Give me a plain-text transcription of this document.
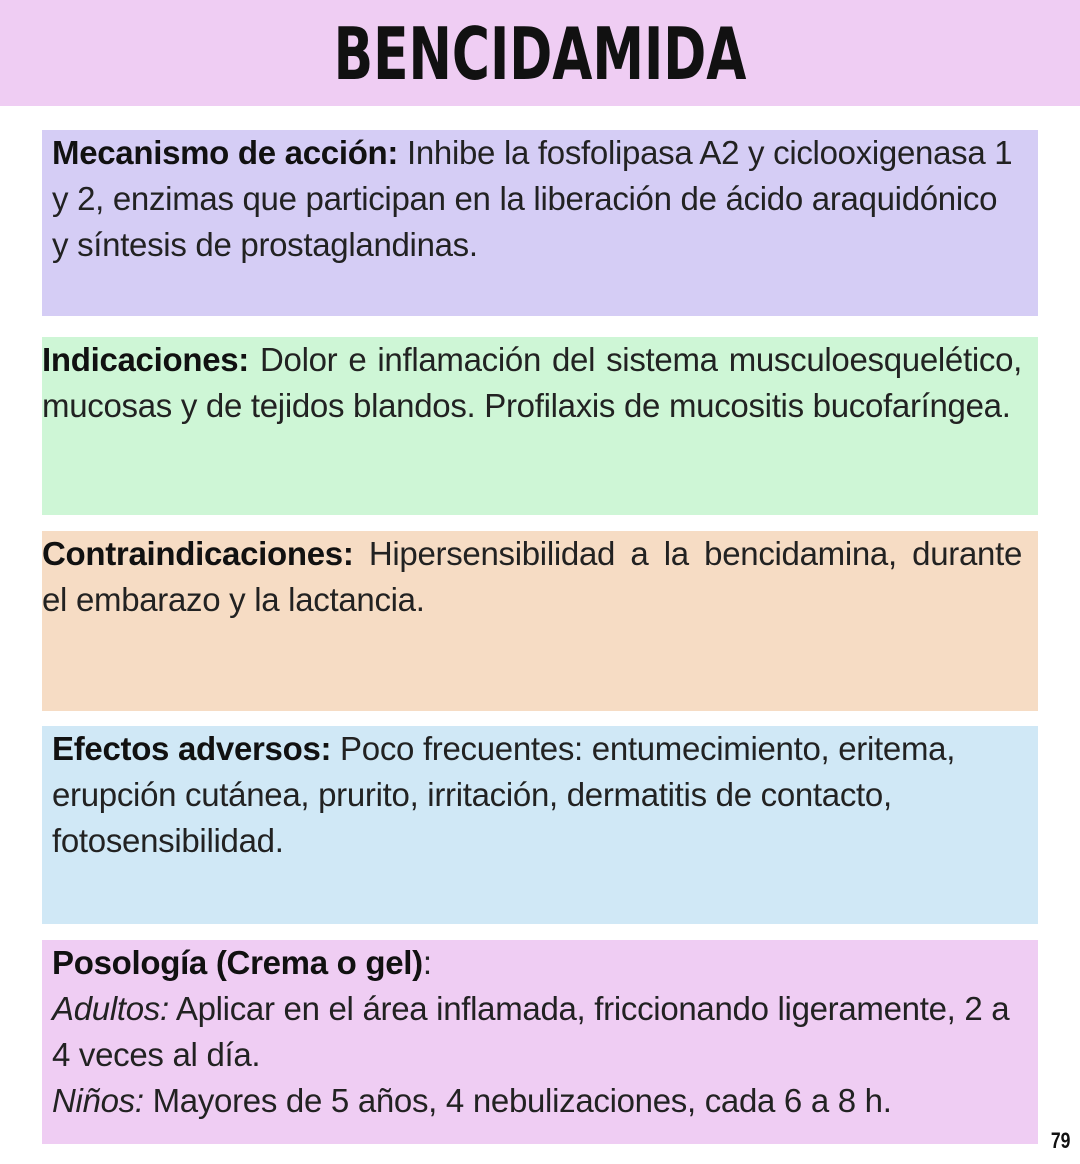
BENCIDAMIDA
Mecanismo de acción: Inhibe la fosfolipasa A2 y ciclooxigenasa 1 y 2, enzimas que participan en la liberación de ácido araquidónico y síntesis de prostaglandinas.
Indicaciones: Dolor e inflamación del sistema musculoesquelético, mucosas y de tejidos blandos. Profilaxis de mucositis bucofaríngea.
Contraindicaciones: Hipersensibilidad a la bencidamina, durante el embarazo y la lactancia.
Efectos adversos: Poco frecuentes: entumecimiento, eritema, erupción cutánea, prurito, irritación, dermatitis de contacto, fotosensibilidad.
Posología (Crema o gel):
Adultos: Aplicar en el área inflamada, friccionando ligeramente, 2 a 4 veces al día.
Niños: Mayores de 5 años, 4 nebulizaciones, cada 6 a 8 h.
79
